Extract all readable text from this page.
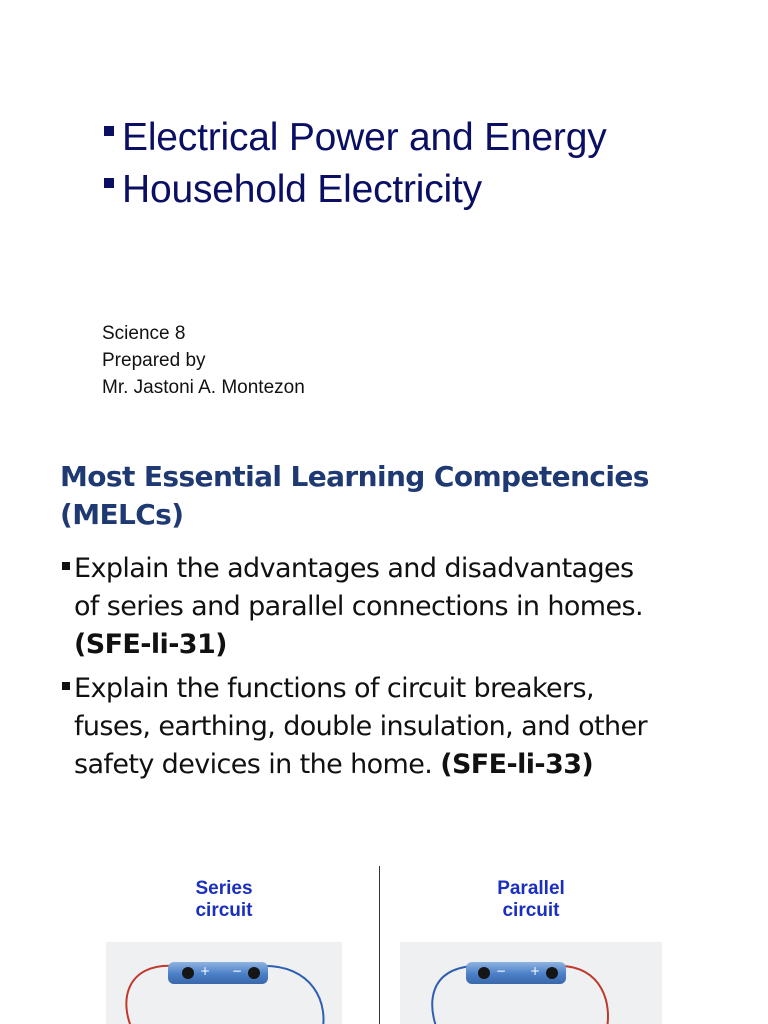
Electrical Power and Energy
Household Electricity
Science 8
Prepared by
Mr. Jastoni A. Montezon
Most Essential Learning Competencies
(MELCs)
Explain the advantages and disadvantages
of series and parallel connections in homes.
(SFE-li-31)
Explain the functions of circuit breakers,
fuses, earthing, double insulation, and other
safety devices in the home. (SFE-li-33)
Series
circuit
+ −
Parallel
circuit
− +
